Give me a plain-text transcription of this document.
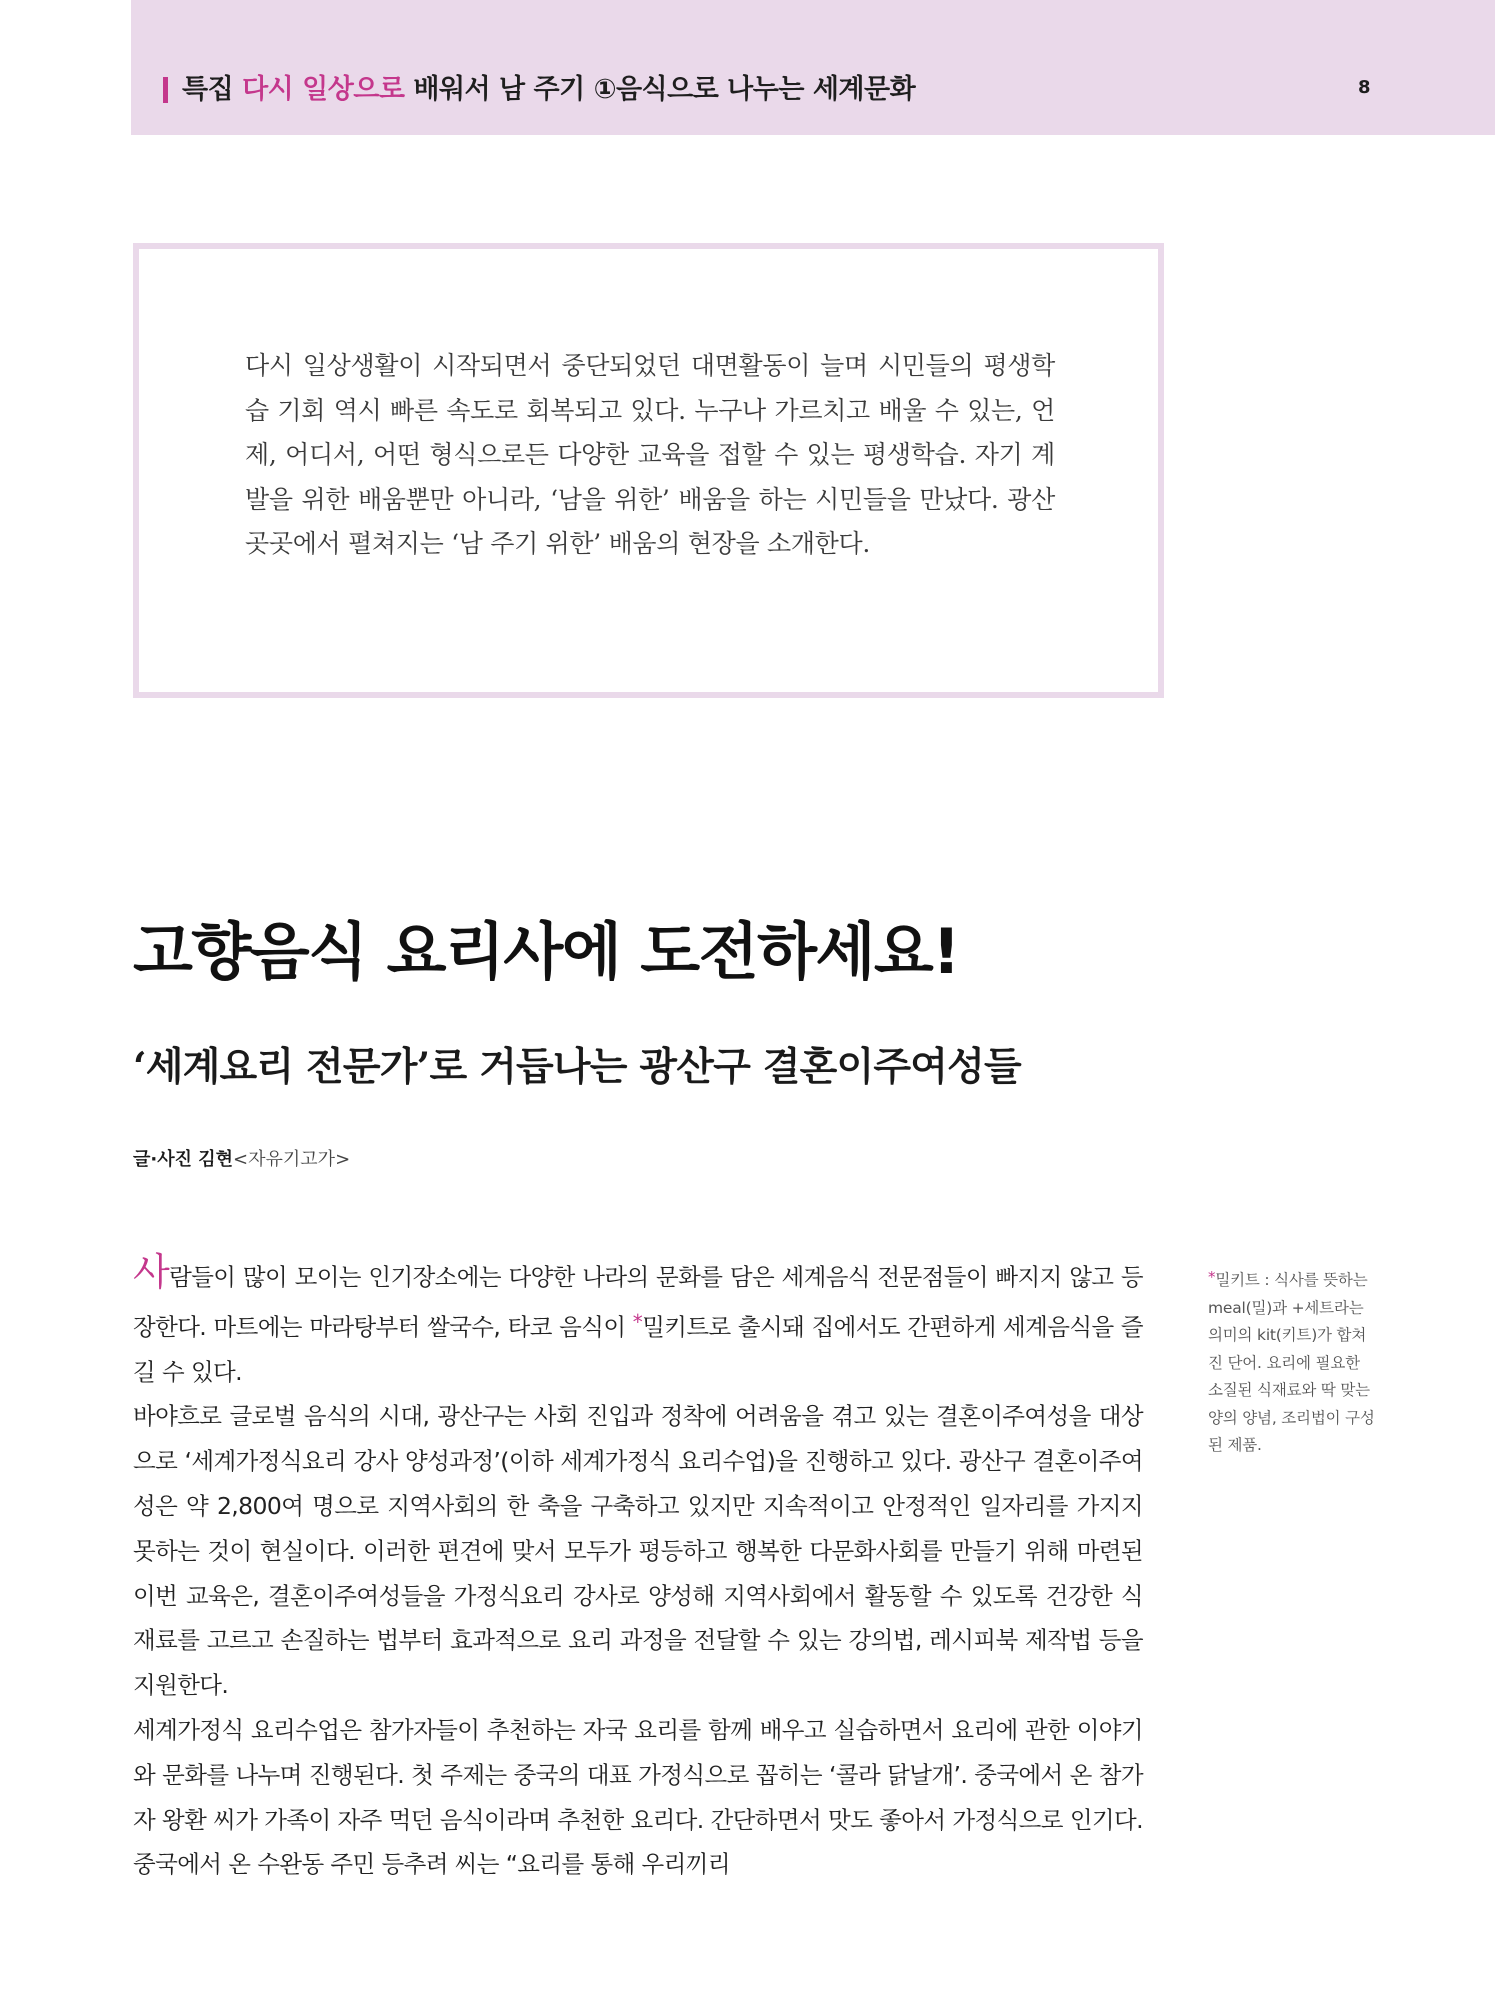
특집 다시 일상으로 배워서 남 주기 ①음식으로 나누는 세계문화	8

다시 일상생활이 시작되면서 중단되었던 대면활동이 늘며 시민들의 평생학습 기회 역시 빠른 속도로 회복되고 있다. 누구나 가르치고 배울 수 있는, 언제, 어디서, 어떤 형식으로든 다양한 교육을 접할 수 있는 평생학습. 자기 계발을 위한 배움뿐만 아니라, ‘남을 위한’ 배움을 하는 시민들을 만났다. 광산 곳곳에서 펼쳐지는 ‘남 주기 위한’ 배움의 현장을 소개한다.

고향음식 요리사에 도전하세요!
‘세계요리 전문가’로 거듭나는 광산구 결혼이주여성들
글·사진 김현<자유기고가>

사람들이 많이 모이는 인기장소에는 다양한 나라의 문화를 담은 세계음식 전문점들이 빠지지 않고 등장한다. 마트에는 마라탕부터 쌀국수, 타코 음식이 *밀키트로 출시돼 집에서도 간편하게 세계음식을 즐길 수 있다.

바야흐로 글로벌 음식의 시대, 광산구는 사회 진입과 정착에 어려움을 겪고 있는 결혼이주여성을 대상으로 ‘세계가정식요리 강사 양성과정’(이하 세계가정식 요리수업)을 진행하고 있다. 광산구 결혼이주여성은 약 2,800여 명으로 지역사회의 한 축을 구축하고 있지만 지속적이고 안정적인 일자리를 가지지 못하는 것이 현실이다. 이러한 편견에 맞서 모두가 평등하고 행복한 다문화사회를 만들기 위해 마련된 이번 교육은, 결혼이주여성들을 가정식요리 강사로 양성해 지역사회에서 활동할 수 있도록 건강한 식재료를 고르고 손질하는 법부터 효과적으로 요리 과정을 전달할 수 있는 강의법, 레시피북 제작법 등을 지원한다.

세계가정식 요리수업은 참가자들이 추천하는 자국 요리를 함께 배우고 실습하면서 요리에 관한 이야기와 문화를 나누며 진행된다. 첫 주제는 중국의 대표 가정식으로 꼽히는 ‘콜라 닭날개’. 중국에서 온 참가자 왕환 씨가 가족이 자주 먹던 음식이라며 추천한 요리다. 간단하면서 맛도 좋아서 가정식으로 인기다. 중국에서 온 수완동 주민 등추려 씨는 “요리를 통해 우리끼리

*밀키트 : 식사를 뜻하는 meal(밀)과 +세트라는 의미의 kit(키트)가 합쳐진 단어. 요리에 필요한 소질된 식재료와 딱 맞는 양의 양념, 조리법이 구성된 제품.
